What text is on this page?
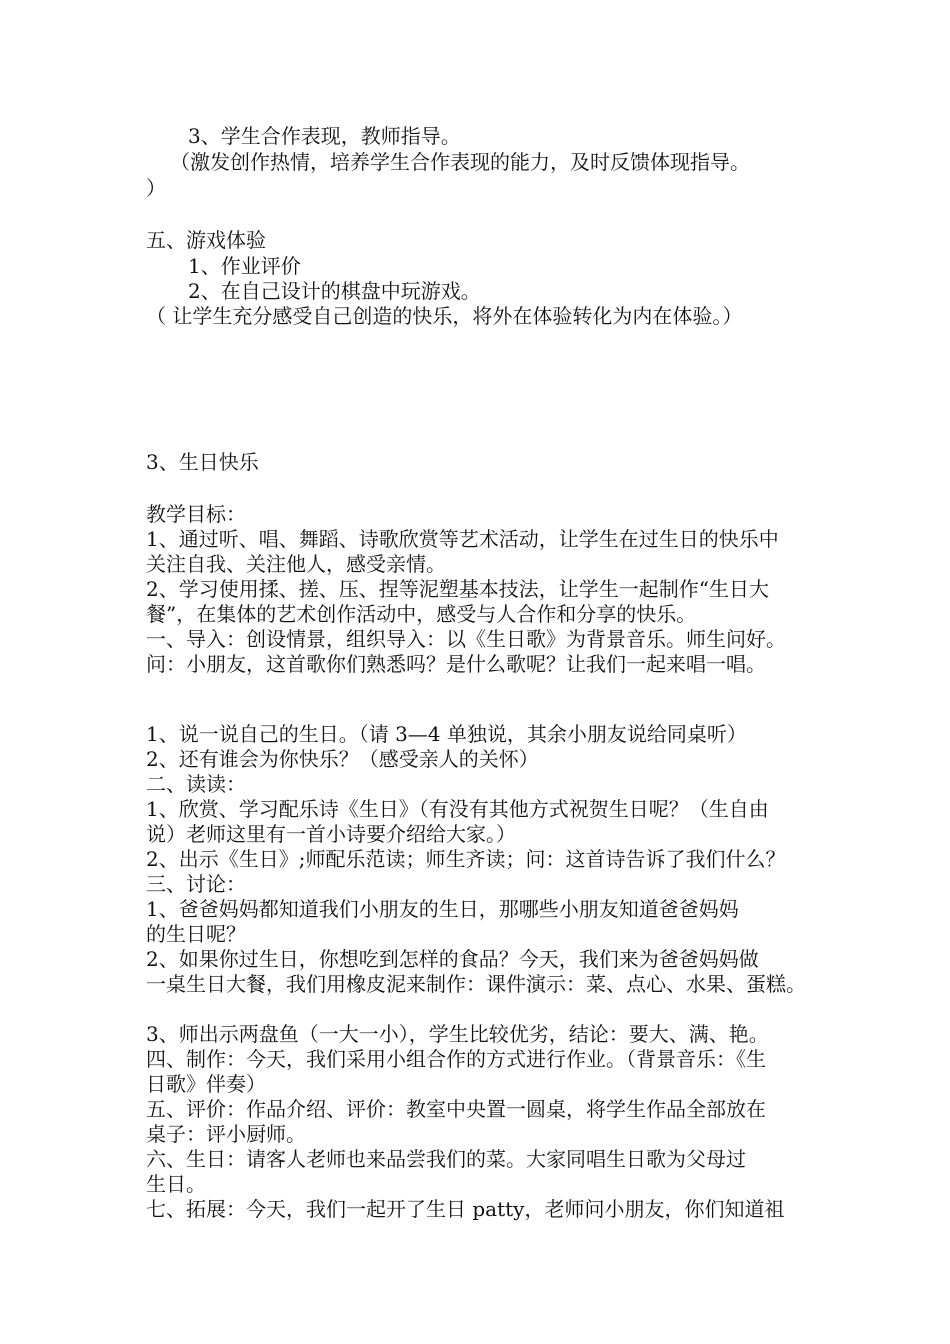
3、学生合作表现，教师指导。
（激发创作热情，培养学生合作表现的能力，及时反馈体现指导。
）
五、游戏体验
1、作业评价
2、在自己设计的棋盘中玩游戏。
（ 让学生充分感受自己创造的快乐，将外在体验转化为内在体验。）
3、生日快乐
教学目标：
1、通过听、唱、舞蹈、诗歌欣赏等艺术活动，让学生在过生日的快乐中
关注自我、关注他人，感受亲情。
2、学习使用揉、搓、压、捏等泥塑基本技法，让学生一起制作“生日大
餐”，在集体的艺术创作活动中，感受与人合作和分享的快乐。
一、导入：创设情景，组织导入：以《生日歌》为背景音乐。师生问好。
问：小朋友，这首歌你们熟悉吗？是什么歌呢？让我们一起来唱一唱。
1、说一说自己的生日。（请 3—4 单独说，其余小朋友说给同桌听）
2、还有谁会为你快乐？（感受亲人的关怀）
二、读读：
1、欣赏、学习配乐诗《生日》（有没有其他方式祝贺生日呢？（生自由
说）老师这里有一首小诗要介绍给大家。）
2、出示《生日》;师配乐范读；师生齐读；问：这首诗告诉了我们什么？
三、讨论：
1、爸爸妈妈都知道我们小朋友的生日，那哪些小朋友知道爸爸妈妈
的生日呢？
2、如果你过生日，你想吃到怎样的食品？今天，我们来为爸爸妈妈做
一桌生日大餐，我们用橡皮泥来制作：课件演示：菜、点心、水果、蛋糕。
3、师出示两盘鱼（一大一小），学生比较优劣，结论：要大、满、艳。
四、制作：今天，我们采用小组合作的方式进行作业。（背景音乐：《生
日歌》伴奏）
五、评价：作品介绍、评价：教室中央置一圆桌，将学生作品全部放在
桌子：评小厨师。
六、生日：请客人老师也来品尝我们的菜。大家同唱生日歌为父母过
生日。
七、拓展：今天，我们一起开了生日 patty，老师问小朋友，你们知道祖
